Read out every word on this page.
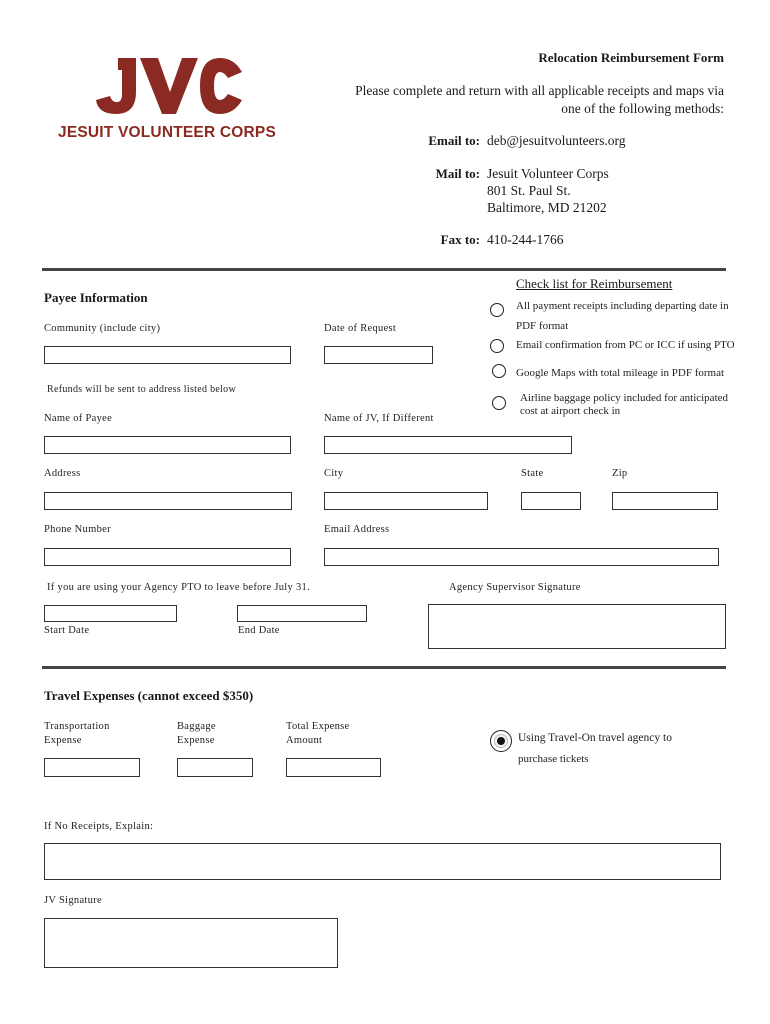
JESUIT VOLUNTEER CORPS
Relocation Reimbursement Form
Please complete and return with all applicable receipts and maps via
one of the following methods:
Email to: deb@jesuitvolunteers.org
Mail to: Jesuit Volunteer Corps
801 St. Paul St.
Baltimore, MD 21202
Fax to: 410-244-1766
Check list for Reimbursement
All payment receipts including departing date in
PDF format
Email confirmation from PC or ICC if using PTO
Google Maps with total mileage in PDF format
Airline baggage policy included for anticipated
cost at airport check in
Payee Information
Community (include city)	Date of Request
Refunds will be sent to address listed below
Name of Payee	Name of JV, If Different
Address	City	State	Zip
Phone Number	Email Address
If you are using your Agency PTO to leave before July 31.	Agency Supervisor Signature
Start Date	End Date
Travel Expenses (cannot exceed $350)
Transportation
Expense
Baggage
Expense
Total Expense
Amount	Using Travel-On travel agency to
purchase tickets
If No Receipts, Explain:
JV Signature
